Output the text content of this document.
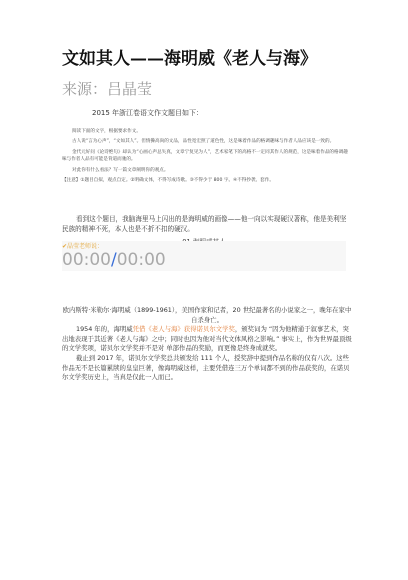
文如其人——海明威《老人与海》
来源：吕晶莹
2015 年浙江卷语文作文题目如下：

阅读下面的文字，根据要求作文。

古人说“言为心声”，“文如其人”。但情操高尚的文品，品性宽宏照了道色性，这是味着作品的格调趣味与作者人品应该是一致的。

金代元好问《论诗绝句》却认为“心画心声总失真，文章宁复见为人”，艺术家笔下的高格不一定同其作人的规范，这是味着作品的格调趣味与作者人品有可能是背道而驰的。

对此你有什么看法？写一篇文章阐明你的观点。

【注意】①题目自拟，观点自定。②明确文体，不得写成诗歌。③不得少于 800 字。④不得抄袭、套作。

看到这个题目，我脑海里马上闪出的是海明威的画像——他一向以实现硬汉著称，他是美利坚民族的精神不死，本人也是不折不扣的硬汉。
✔晶莹老师说：
00:00/00:00

欧内斯特·米勒尔·海明威（1899-1961），美国作家和记者，20 世纪最著名的小说家之一，晚年在家中自杀身亡。

1954 年的，海明威凭借《老人与海》获得诺贝尔文学奖，颁奖词为 “因为他精通于叙事艺术，突出地表现于其近著《老人与海》之中；同时也因为他对当代文体风格之影响。” 事实上，作为世界最顶级的文学奖项，诺贝尔文学奖并不是对 单部作品的奖励，而更像是终身成就奖。

截止到 2017 年，诺贝尔文学奖总共颁发给 111 个人，授奖辞中提到作品名称的仅有八次。这些作品无不是长篇累牍的皇皇巨著，像海明威这样，主要凭借连三万个单词都不到的作品获奖的，在诺贝尔文学奖历史上，当真是仅此一人而已。
